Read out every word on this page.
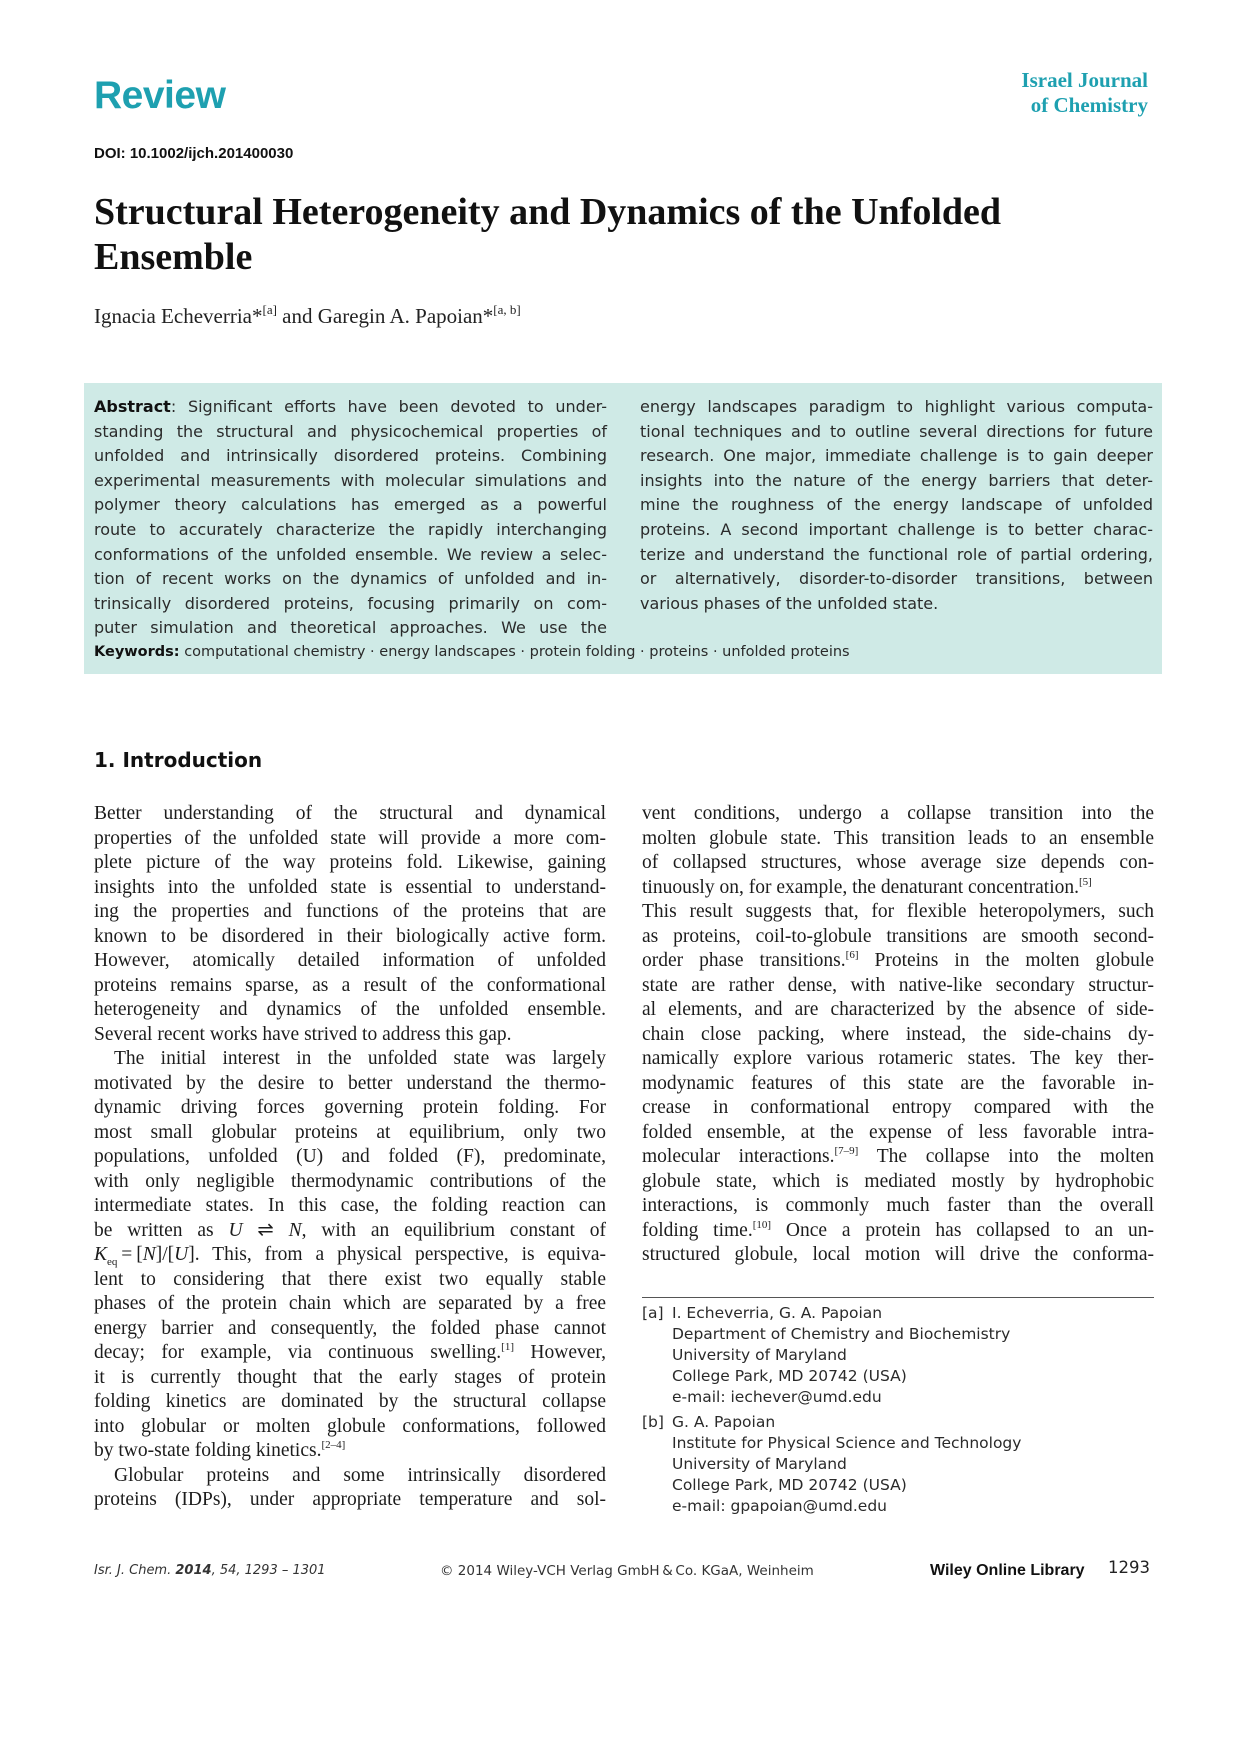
Review	Israel Journal
of Chemistry
DOI: 10.1002/ijch.201400030
Structural Heterogeneity and Dynamics of the Unfolded Ensemble
Ignacia Echeverria*[a] and Garegin A. Papoian*[a, b]
Abstract: Significant efforts have been devoted to under-
standing the structural and physicochemical properties of
unfolded and intrinsically disordered proteins. Combining
experimental measurements with molecular simulations and
polymer theory calculations has emerged as a powerful
route to accurately characterize the rapidly interchanging
conformations of the unfolded ensemble. We review a selec-
tion of recent works on the dynamics of unfolded and in-
trinsically disordered proteins, focusing primarily on com-
puter simulation and theoretical approaches. We use the
energy landscapes paradigm to highlight various computa-
tional techniques and to outline several directions for future
research. One major, immediate challenge is to gain deeper
insights into the nature of the energy barriers that deter-
mine the roughness of the energy landscape of unfolded
proteins. A second important challenge is to better charac-
terize and understand the functional role of partial ordering,
or alternatively, disorder-to-disorder transitions, between
various phases of the unfolded state.
Keywords: computational chemistry · energy landscapes · protein folding · proteins · unfolded proteins
1. Introduction
Better understanding of the structural and dynamical
properties of the unfolded state will provide a more com-
plete picture of the way proteins fold. Likewise, gaining
insights into the unfolded state is essential to understand-
ing the properties and functions of the proteins that are
known to be disordered in their biologically active form.
However, atomically detailed information of unfolded
proteins remains sparse, as a result of the conformational
heterogeneity and dynamics of the unfolded ensemble.
Several recent works have strived to address this gap.
The initial interest in the unfolded state was largely
motivated by the desire to better understand the thermo-
dynamic driving forces governing protein folding. For
most small globular proteins at equilibrium, only two
populations, unfolded (U) and folded (F), predominate,
with only negligible thermodynamic contributions of the
intermediate states. In this case, the folding reaction can
be written as U ⇌ N, with an equilibrium constant of
$K_{eq} = [N]/[U]$. This, from a physical perspective, is equiva-
lent to considering that there exist two equally stable
phases of the protein chain which are separated by a free
energy barrier and consequently, the folded phase cannot
decay; for example, via continuous swelling.[1] However,
it is currently thought that the early stages of protein
folding kinetics are dominated by the structural collapse
into globular or molten globule conformations, followed
by two-state folding kinetics.[2–4]
Globular proteins and some intrinsically disordered
proteins (IDPs), under appropriate temperature and sol-
vent conditions, undergo a collapse transition into the
molten globule state. This transition leads to an ensemble
of collapsed structures, whose average size depends con-
tinuously on, for example, the denaturant concentration.[5]
This result suggests that, for flexible heteropolymers, such
as proteins, coil-to-globule transitions are smooth second-
order phase transitions.[6] Proteins in the molten globule
state are rather dense, with native-like secondary structur-
al elements, and are characterized by the absence of side-
chain close packing, where instead, the side-chains dy-
namically explore various rotameric states. The key ther-
modynamic features of this state are the favorable in-
crease in conformational entropy compared with the
folded ensemble, at the expense of less favorable intra-
molecular interactions.[7–9] The collapse into the molten
globule state, which is mediated mostly by hydrophobic
interactions, is commonly much faster than the overall
folding time.[10] Once a protein has collapsed to an un-
structured globule, local motion will drive the conforma-
[a] I. Echeverria, G. A. Papoian
Department of Chemistry and Biochemistry
University of Maryland
College Park, MD 20742 (USA)
e-mail: iechever@umd.edu
[b] G. A. Papoian
Institute for Physical Science and Technology
University of Maryland
College Park, MD 20742 (USA)
e-mail: gpapoian@umd.edu
Isr. J. Chem. 2014, 54, 1293 – 1301	© 2014 Wiley-VCH Verlag GmbH & Co. KGaA, Weinheim	Wiley Online Library 1293
